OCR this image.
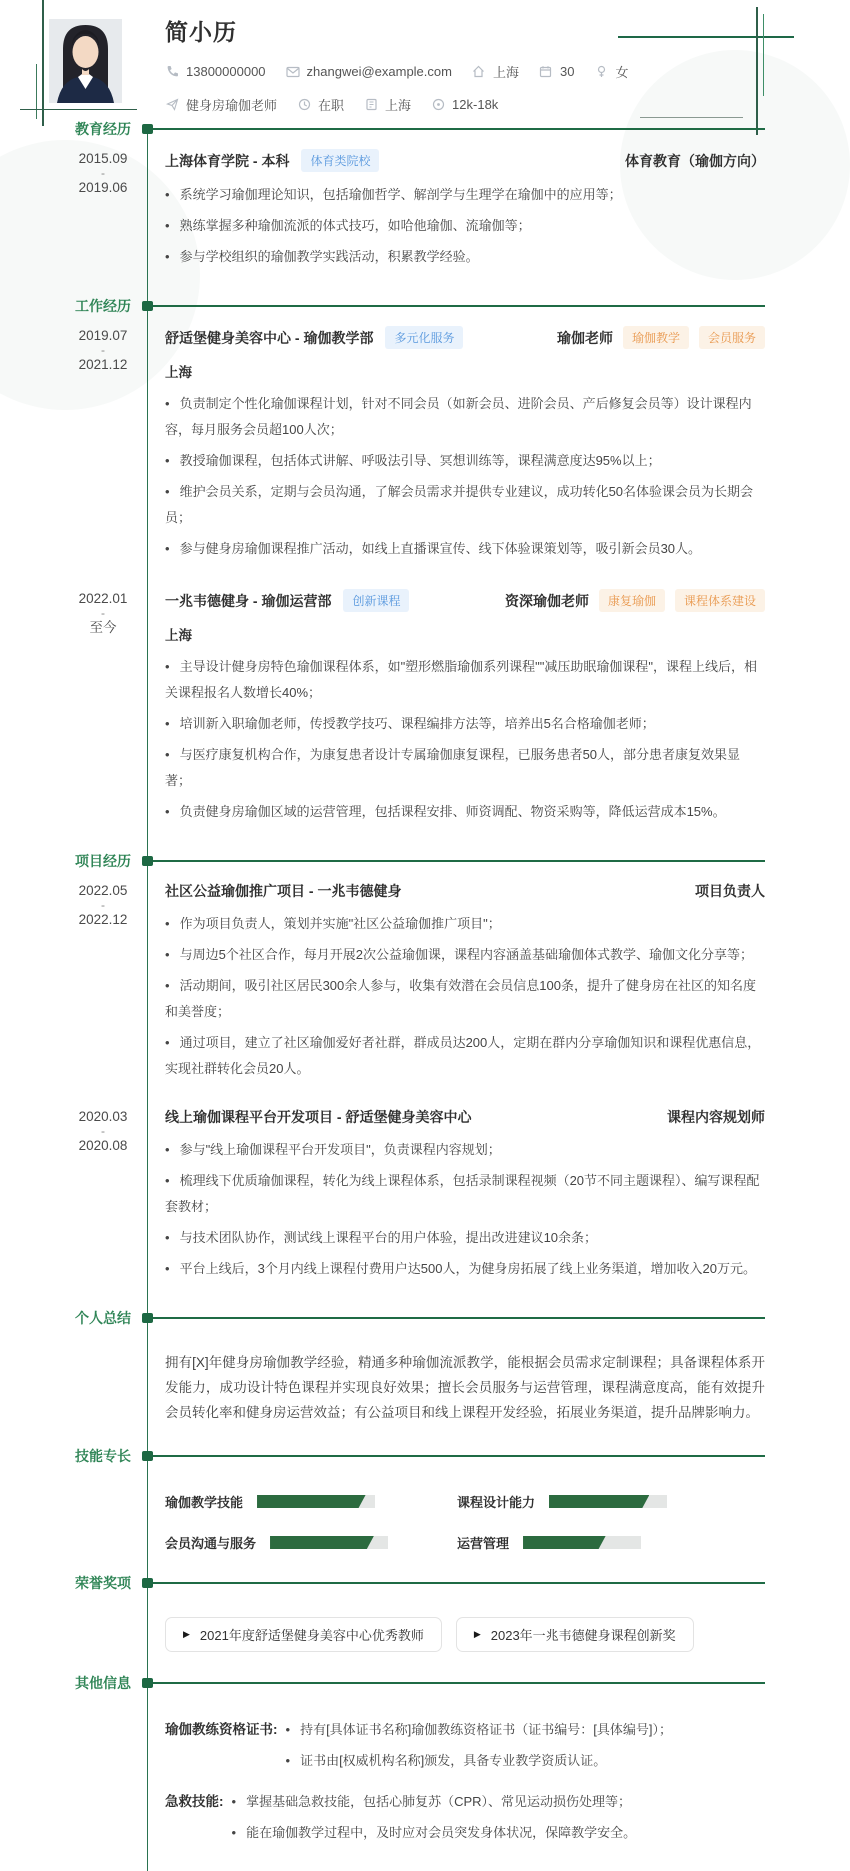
简小历
13800000000	zhangwei@example.com	上海	30	女
健身房瑜伽老师	在职	上海	12k-18k
教育经历
2015.09
-
2019.06
上海体育学院 - 本科	体育类院校	体育教育（瑜伽方向）
• 系统学习瑜伽理论知识，包括瑜伽哲学、解剖学与生理学在瑜伽中的应用等；
• 熟练掌握多种瑜伽流派的体式技巧，如哈他瑜伽、流瑜伽等；
• 参与学校组织的瑜伽教学实践活动，积累教学经验。
工作经历
2019.07
-
2021.12
舒适堡健身美容中心 - 瑜伽教学部	多元化服务	瑜伽老师	瑜伽教学	会员服务
上海
• 负责制定个性化瑜伽课程计划，针对不同会员（如新会员、进阶会员、产后修复会员等）设计课程内容，每月服务会员超100人次；
• 教授瑜伽课程，包括体式讲解、呼吸法引导、冥想训练等，课程满意度达95%以上；
• 维护会员关系，定期与会员沟通，了解会员需求并提供专业建议，成功转化50名体验课会员为长期会员；
• 参与健身房瑜伽课程推广活动，如线上直播课宣传、线下体验课策划等，吸引新会员30人。
2022.01
-
至今
一兆韦德健身 - 瑜伽运营部	创新课程	资深瑜伽老师	康复瑜伽	课程体系建设
上海
• 主导设计健身房特色瑜伽课程体系，如"塑形燃脂瑜伽系列课程""减压助眠瑜伽课程"，课程上线后，相关课程报名人数增长40%；
• 培训新入职瑜伽老师，传授教学技巧、课程编排方法等，培养出5名合格瑜伽老师；
• 与医疗康复机构合作，为康复患者设计专属瑜伽康复课程，已服务患者50人，部分患者康复效果显著；
• 负责健身房瑜伽区域的运营管理，包括课程安排、师资调配、物资采购等，降低运营成本15%。
项目经历
2022.05
-
2022.12
社区公益瑜伽推广项目 - 一兆韦德健身	项目负责人
• 作为项目负责人，策划并实施"社区公益瑜伽推广项目"；
• 与周边5个社区合作，每月开展2次公益瑜伽课，课程内容涵盖基础瑜伽体式教学、瑜伽文化分享等；
• 活动期间，吸引社区居民300余人参与，收集有效潜在会员信息100条，提升了健身房在社区的知名度和美誉度；
• 通过项目，建立了社区瑜伽爱好者社群，群成员达200人，定期在群内分享瑜伽知识和课程优惠信息，实现社群转化会员20人。
2020.03
-
2020.08
线上瑜伽课程平台开发项目 - 舒适堡健身美容中心	课程内容规划师
• 参与"线上瑜伽课程平台开发项目"，负责课程内容规划；
• 梳理线下优质瑜伽课程，转化为线上课程体系，包括录制课程视频（20节不同主题课程）、编写课程配套教材；
• 与技术团队协作，测试线上课程平台的用户体验，提出改进建议10余条；
• 平台上线后，3个月内线上课程付费用户达500人，为健身房拓展了线上业务渠道，增加收入20万元。
个人总结
拥有[X]年健身房瑜伽教学经验，精通多种瑜伽流派教学，能根据会员需求定制课程；具备课程体系开发能力，成功设计特色课程并实现良好效果；擅长会员服务与运营管理，课程满意度高，能有效提升会员转化率和健身房运营效益；有公益项目和线上课程开发经验，拓展业务渠道，提升品牌影响力。
技能专长
瑜伽教学技能	课程设计能力
会员沟通与服务	运营管理
荣誉奖项
▶ 2021年度舒适堡健身美容中心优秀教师	▶ 2023年一兆韦德健身课程创新奖
其他信息
瑜伽教练资格证书:	• 持有[具体证书名称]瑜伽教练资格证书（证书编号：[具体编号]）；
• 证书由[权威机构名称]颁发，具备专业教学资质认证。
急救技能:	• 掌握基础急救技能，包括心肺复苏（CPR）、常见运动损伤处理等；
• 能在瑜伽教学过程中，及时应对会员突发身体状况，保障教学安全。
